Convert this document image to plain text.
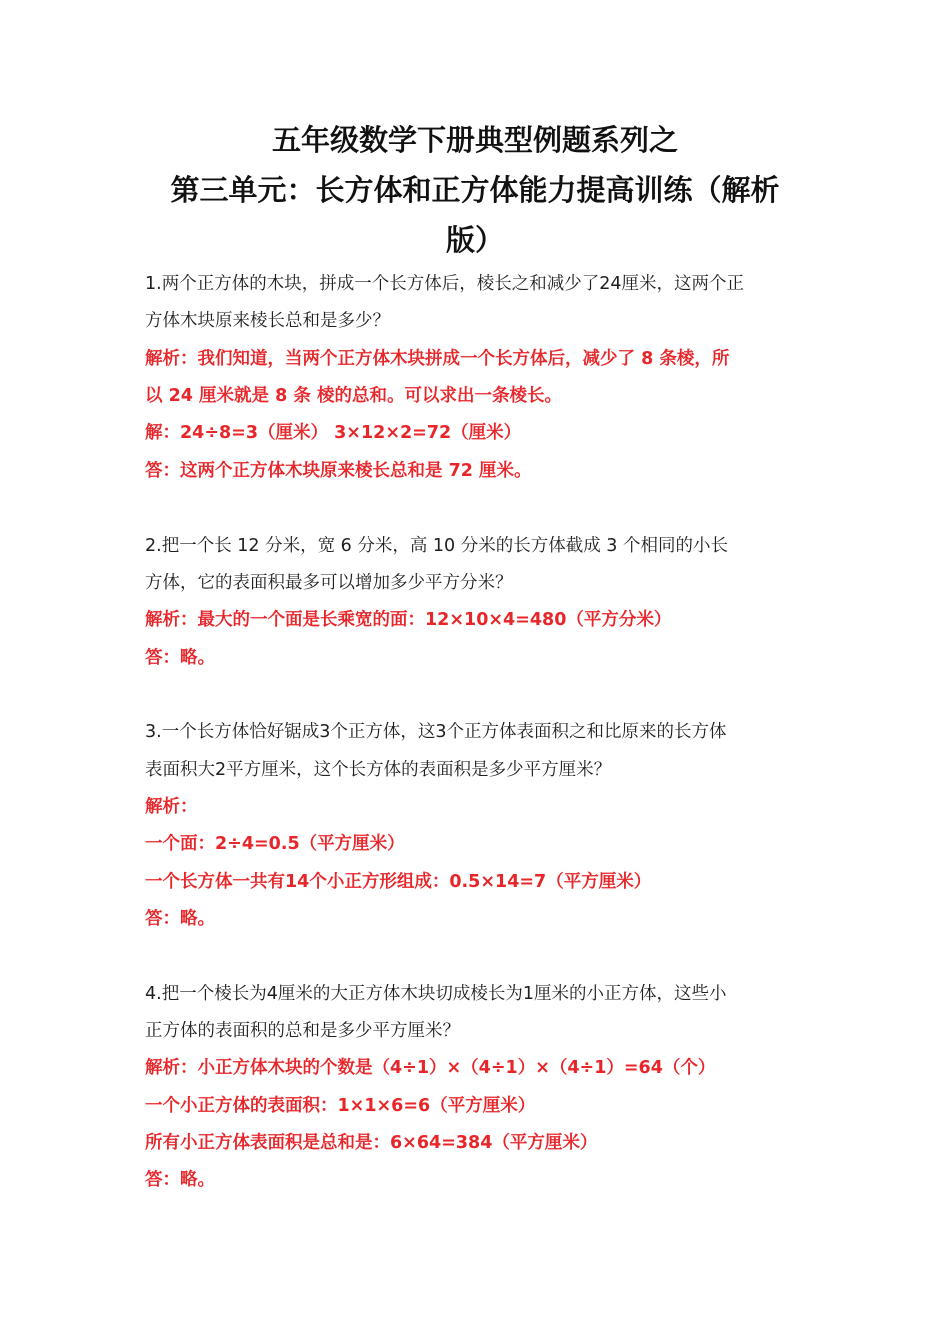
五年级数学下册典型例题系列之
第三单元：长方体和正方体能力提高训练（解析
版）
1.两个正方体的木块，拼成一个长方体后，棱长之和减少了24厘米，这两个正
方体木块原来棱长总和是多少？
解析：我们知道，当两个正方体木块拼成一个长方体后，减少了 8 条棱，所
以 24 厘米就是 8 条 棱的总和。可以求出一条棱长。
解：24÷8=3（厘米） 3×12×2=72（厘米）
答：这两个正方体木块原来棱长总和是 72 厘米。
2.把一个长 12 分米，宽 6 分米，高 10 分米的长方体截成 3 个相同的小长
方体，它的表面积最多可以增加多少平方分米？
解析：最大的一个面是长乘宽的面：12×10×4=480（平方分米）
答：略。
3.一个长方体恰好锯成3个正方体，这3个正方体表面积之和比原来的长方体
表面积大2平方厘米，这个长方体的表面积是多少平方厘米？
解析：
一个面：2÷4=0.5（平方厘米）
一个长方体一共有14个小正方形组成：0.5×14=7（平方厘米）
答：略。
4.把一个棱长为4厘米的大正方体木块切成棱长为1厘米的小正方体，这些小
正方体的表面积的总和是多少平方厘米？
解析：小正方体木块的个数是（4÷1）×（4÷1）×（4÷1）=64（个）
一个小正方体的表面积：1×1×6=6（平方厘米）
所有小正方体表面积是总和是：6×64=384（平方厘米）
答：略。
